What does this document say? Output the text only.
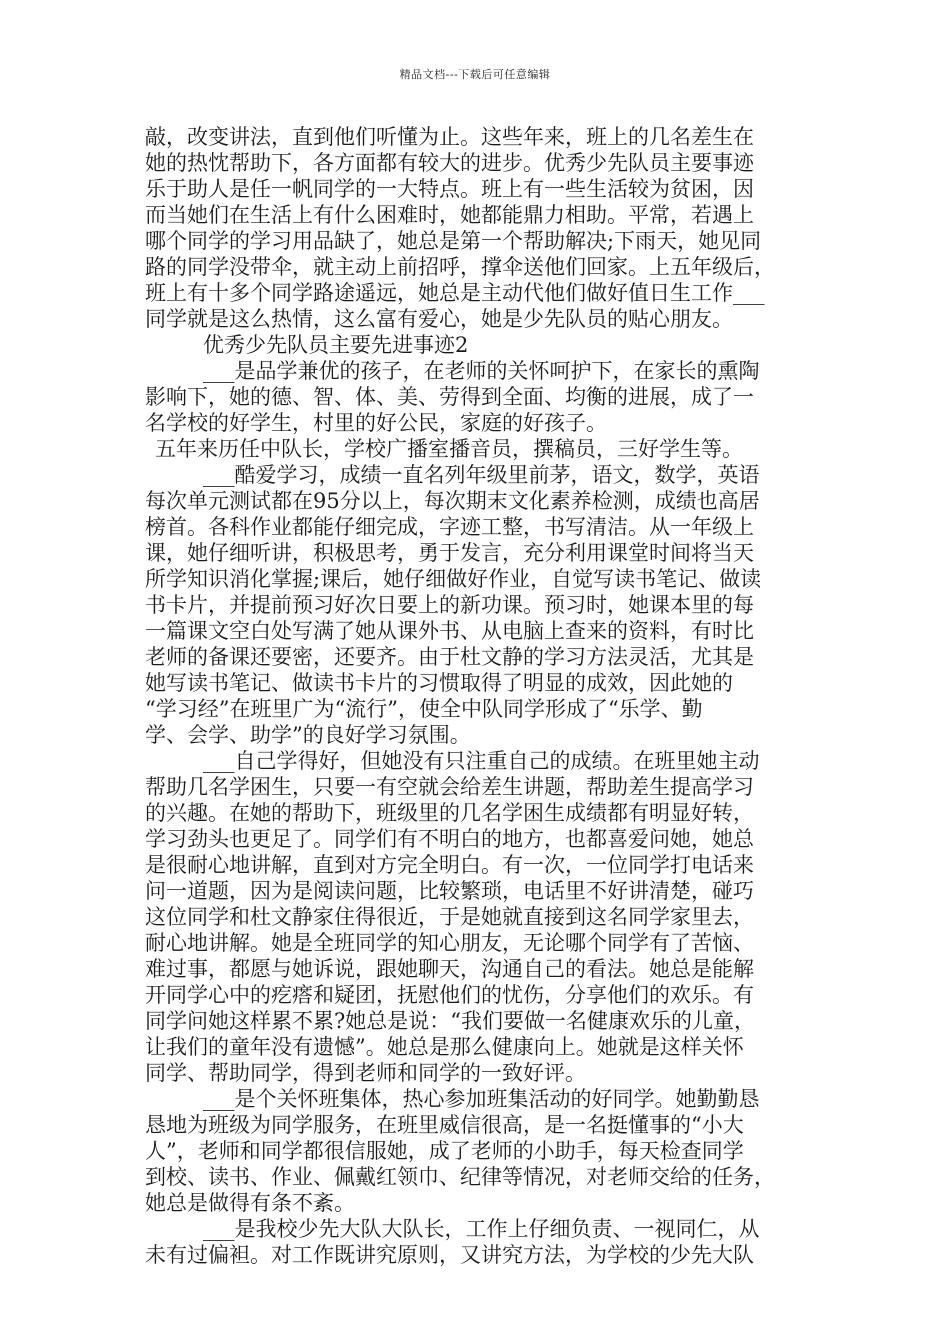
精品文档---下载后可任意编辑
敲，改变讲法，直到他们听懂为止。这些年来，班上的几名差生在
她的热忱帮助下，各方面都有较大的进步。优秀少先队员主要事迹
乐于助人是任一帆同学的一大特点。班上有一些生活较为贫困，因
而当她们在生活上有什么困难时，她都能鼎力相助。平常，若遇上
哪个同学的学习用品缺了，她总是第一个帮助解决;下雨天，她见同
路的同学没带伞，就主动上前招呼，撑伞送他们回家。上五年级后，
班上有十多个同学路途遥远，她总是主动代他们做好值日生工作___
同学就是这么热情，这么富有爱心，她是少先队员的贴心朋友。
优秀少先队员主要先进事迹2
___是品学兼优的孩子，在老师的关怀呵护下，在家长的熏陶
影响下，她的德、智、体、美、劳得到全面、均衡的进展，成了一
名学校的好学生，村里的好公民，家庭的好孩子。
五年来历任中队长，学校广播室播音员，撰稿员，三好学生等。
___酷爱学习，成绩一直名列年级里前茅，语文，数学，英语
每次单元测试都在95分以上，每次期末文化素养检测，成绩也高居
榜首。各科作业都能仔细完成，字迹工整，书写清洁。从一年级上
课，她仔细听讲，积极思考，勇于发言，充分利用课堂时间将当天
所学知识消化掌握;课后，她仔细做好作业，自觉写读书笔记、做读
书卡片，并提前预习好次日要上的新功课。预习时，她课本里的每
一篇课文空白处写满了她从课外书、从电脑上查来的资料，有时比
老师的备课还要密，还要齐。由于杜文静的学习方法灵活，尤其是
她写读书笔记、做读书卡片的习惯取得了明显的成效，因此她的
“学习经”在班里广为“流行”，使全中队同学形成了“乐学、勤
学、会学、助学”的良好学习氛围。
___自己学得好，但她没有只注重自己的成绩。在班里她主动
帮助几名学困生，只要一有空就会给差生讲题，帮助差生提高学习
的兴趣。在她的帮助下，班级里的几名学困生成绩都有明显好转，
学习劲头也更足了。同学们有不明白的地方，也都喜爱问她，她总
是很耐心地讲解，直到对方完全明白。有一次，一位同学打电话来
问一道题，因为是阅读问题，比较繁琐，电话里不好讲清楚，碰巧
这位同学和杜文静家住得很近，于是她就直接到这名同学家里去，
耐心地讲解。她是全班同学的知心朋友，无论哪个同学有了苦恼、
难过事，都愿与她诉说，跟她聊天，沟通自己的看法。她总是能解
开同学心中的疙瘩和疑团，抚慰他们的忧伤，分享他们的欢乐。有
同学问她这样累不累?她总是说：“我们要做一名健康欢乐的儿童，
让我们的童年没有遗憾”。她总是那么健康向上。她就是这样关怀
同学、帮助同学，得到老师和同学的一致好评。
___是个关怀班集体，热心参加班集活动的好同学。她勤勤恳
恳地为班级为同学服务，在班里威信很高，是一名挺懂事的“小大
人”，老师和同学都很信服她，成了老师的小助手，每天检查同学
到校、读书、作业、佩戴红领巾、纪律等情况，对老师交给的任务，
她总是做得有条不紊。
___是我校少先大队大队长，工作上仔细负责、一视同仁，从
未有过偏袒。对工作既讲究原则，又讲究方法，为学校的少先大队
